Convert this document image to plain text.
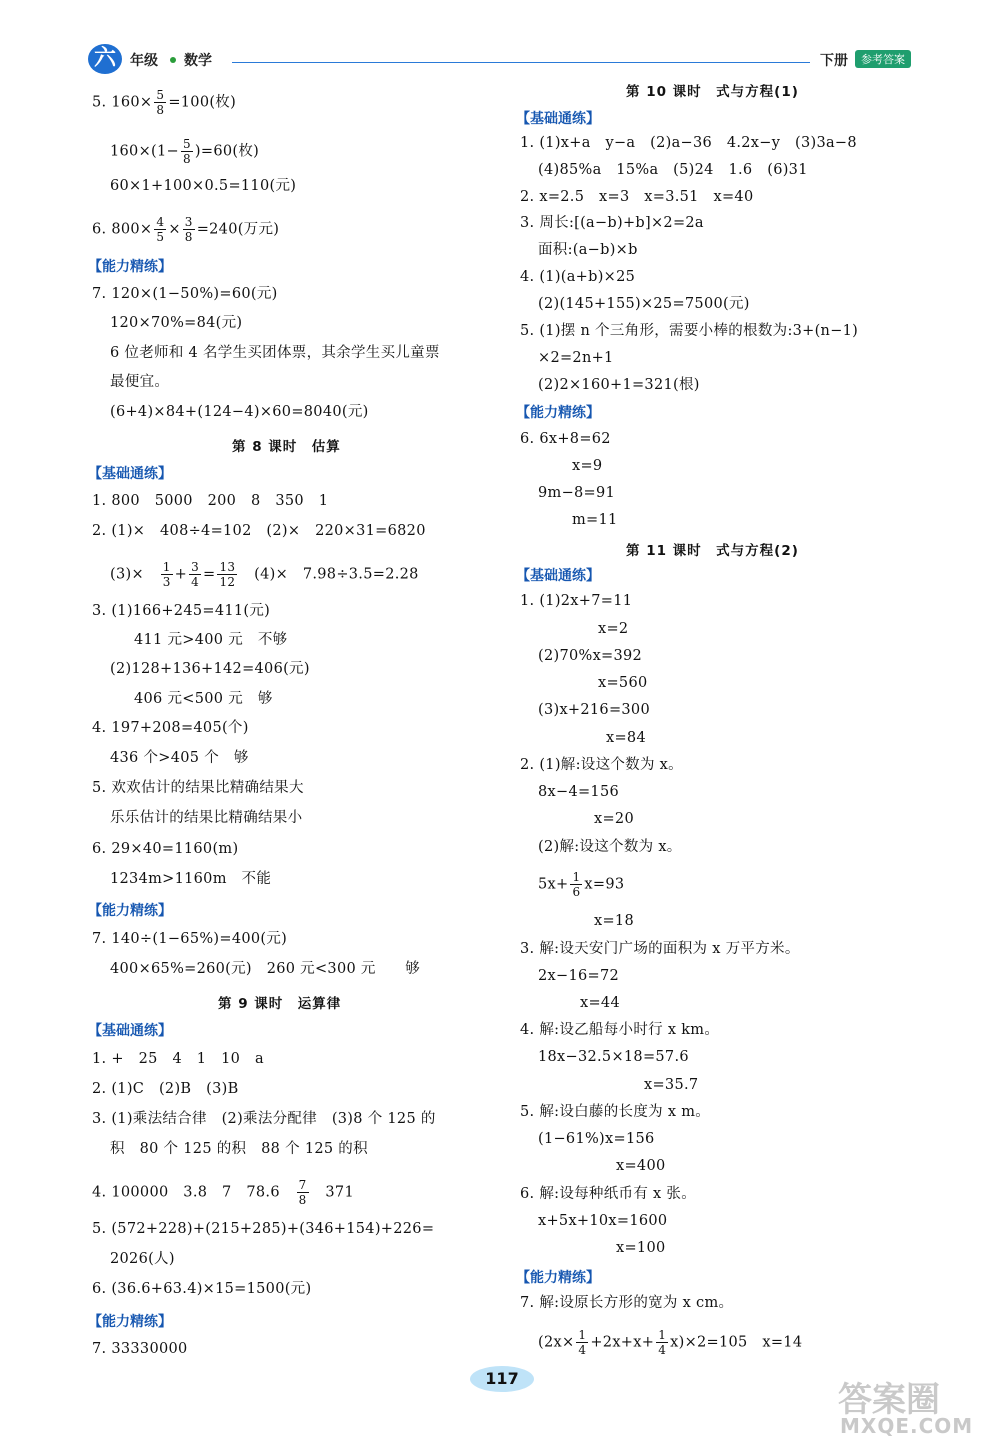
六	年级 数学	下册	参考答案
5. $160\times \frac{5}{8} =100$(枚)
$160\times(1- \frac{5}{8} )=60$(枚)
60×1+100×0.5=110(元)
6. $800\times \frac{4}{5} \times \frac{3}{8} =240$(万元)
【能力精练】
7. 120×(1−50%)=60(元)
120×70%=84(元)
6 位老师和 4 名学生买团体票，其余学生买儿童票
最便宜。
(6+4)×84+(124−4)×60=8040(元)
第 8 课时　估算
【基础通练】
1. 800　5000　200　8　350　1
2. (1)×　408÷4=102　(2)×　220×31=6820
(3)×　 $\frac{1}{3} + \frac{3}{4} = \frac{13}{12}$ 　(4)×　7.98÷3.5=2.28
3. (1)166+245=411(元)
411 元>400 元　不够
(2)128+136+142=406(元)
406 元<500 元　够
4. 197+208=405(个)
436 个>405 个　够
5. 欢欢估计的结果比精确结果大
乐乐估计的结果比精确结果小
6. 29×40=1160(m)
1234m>1160m　不能
【能力精练】
7. 140÷(1−65%)=400(元)
400×65%=260(元)　260 元<300 元　　够
第 9 课时　运算律
【基础通练】
1. +　25　4　1　10　a
2. (1)C　(2)B　(3)B
3. (1)乘法结合律　(2)乘法分配律　(3)8 个 125 的
积　80 个 125 的积　88 个 125 的积
4. 100000　3.8　7　78.6　 $\frac{7}{8}$ 　371
5. (572+228)+(215+285)+(346+154)+226=
2026(人)
6. (36.6+63.4)×15=1500(元)
【能力精练】
7. 33330000
第 10 课时　式与方程(1)
【基础通练】
1. (1)x+a　y−a　(2)a−36　4.2x−y　(3)3a−8
(4)85%a　15%a　(5)24　1.6　(6)31
2. x=2.5　x=3　x=3.51　x=40
3. 周长:[(a−b)+b]×2=2a
面积:(a−b)×b
4. (1)(a+b)×25
(2)(145+155)×25=7500(元)
5. (1)摆 n 个三角形，需要小棒的根数为:3+(n−1)
×2=2n+1
(2)2×160+1=321(根)
【能力精练】
6. 6x+8=62
x=9
9m−8=91
m=11
第 11 课时　式与方程(2)
【基础通练】
1. (1)2x+7=11
x=2
(2)70%x=392
x=560
(3)x+216=300
x=84
2. (1)解:设这个数为 x。
8x−4=156
x=20
(2)解:设这个数为 x。
$5x+ \frac{1}{6} x=93$
x=18
3. 解:设天安门广场的面积为 x 万平方米。
2x−16=72
x=44
4. 解:设乙船每小时行 x km。
18x−32.5×18=57.6
x=35.7
5. 解:设白藤的长度为 x m。
(1−61%)x=156
x=400
6. 解:设每种纸币有 x 张。
x+5x+10x=1600
x=100
【能力精练】
7. 解:设原长方形的宽为 x cm。
$(2x\times \frac{1}{4} +2x+x+ \frac{1}{4} x)\times 2=105$　x=14
117
答案圈
MXQE.COM
